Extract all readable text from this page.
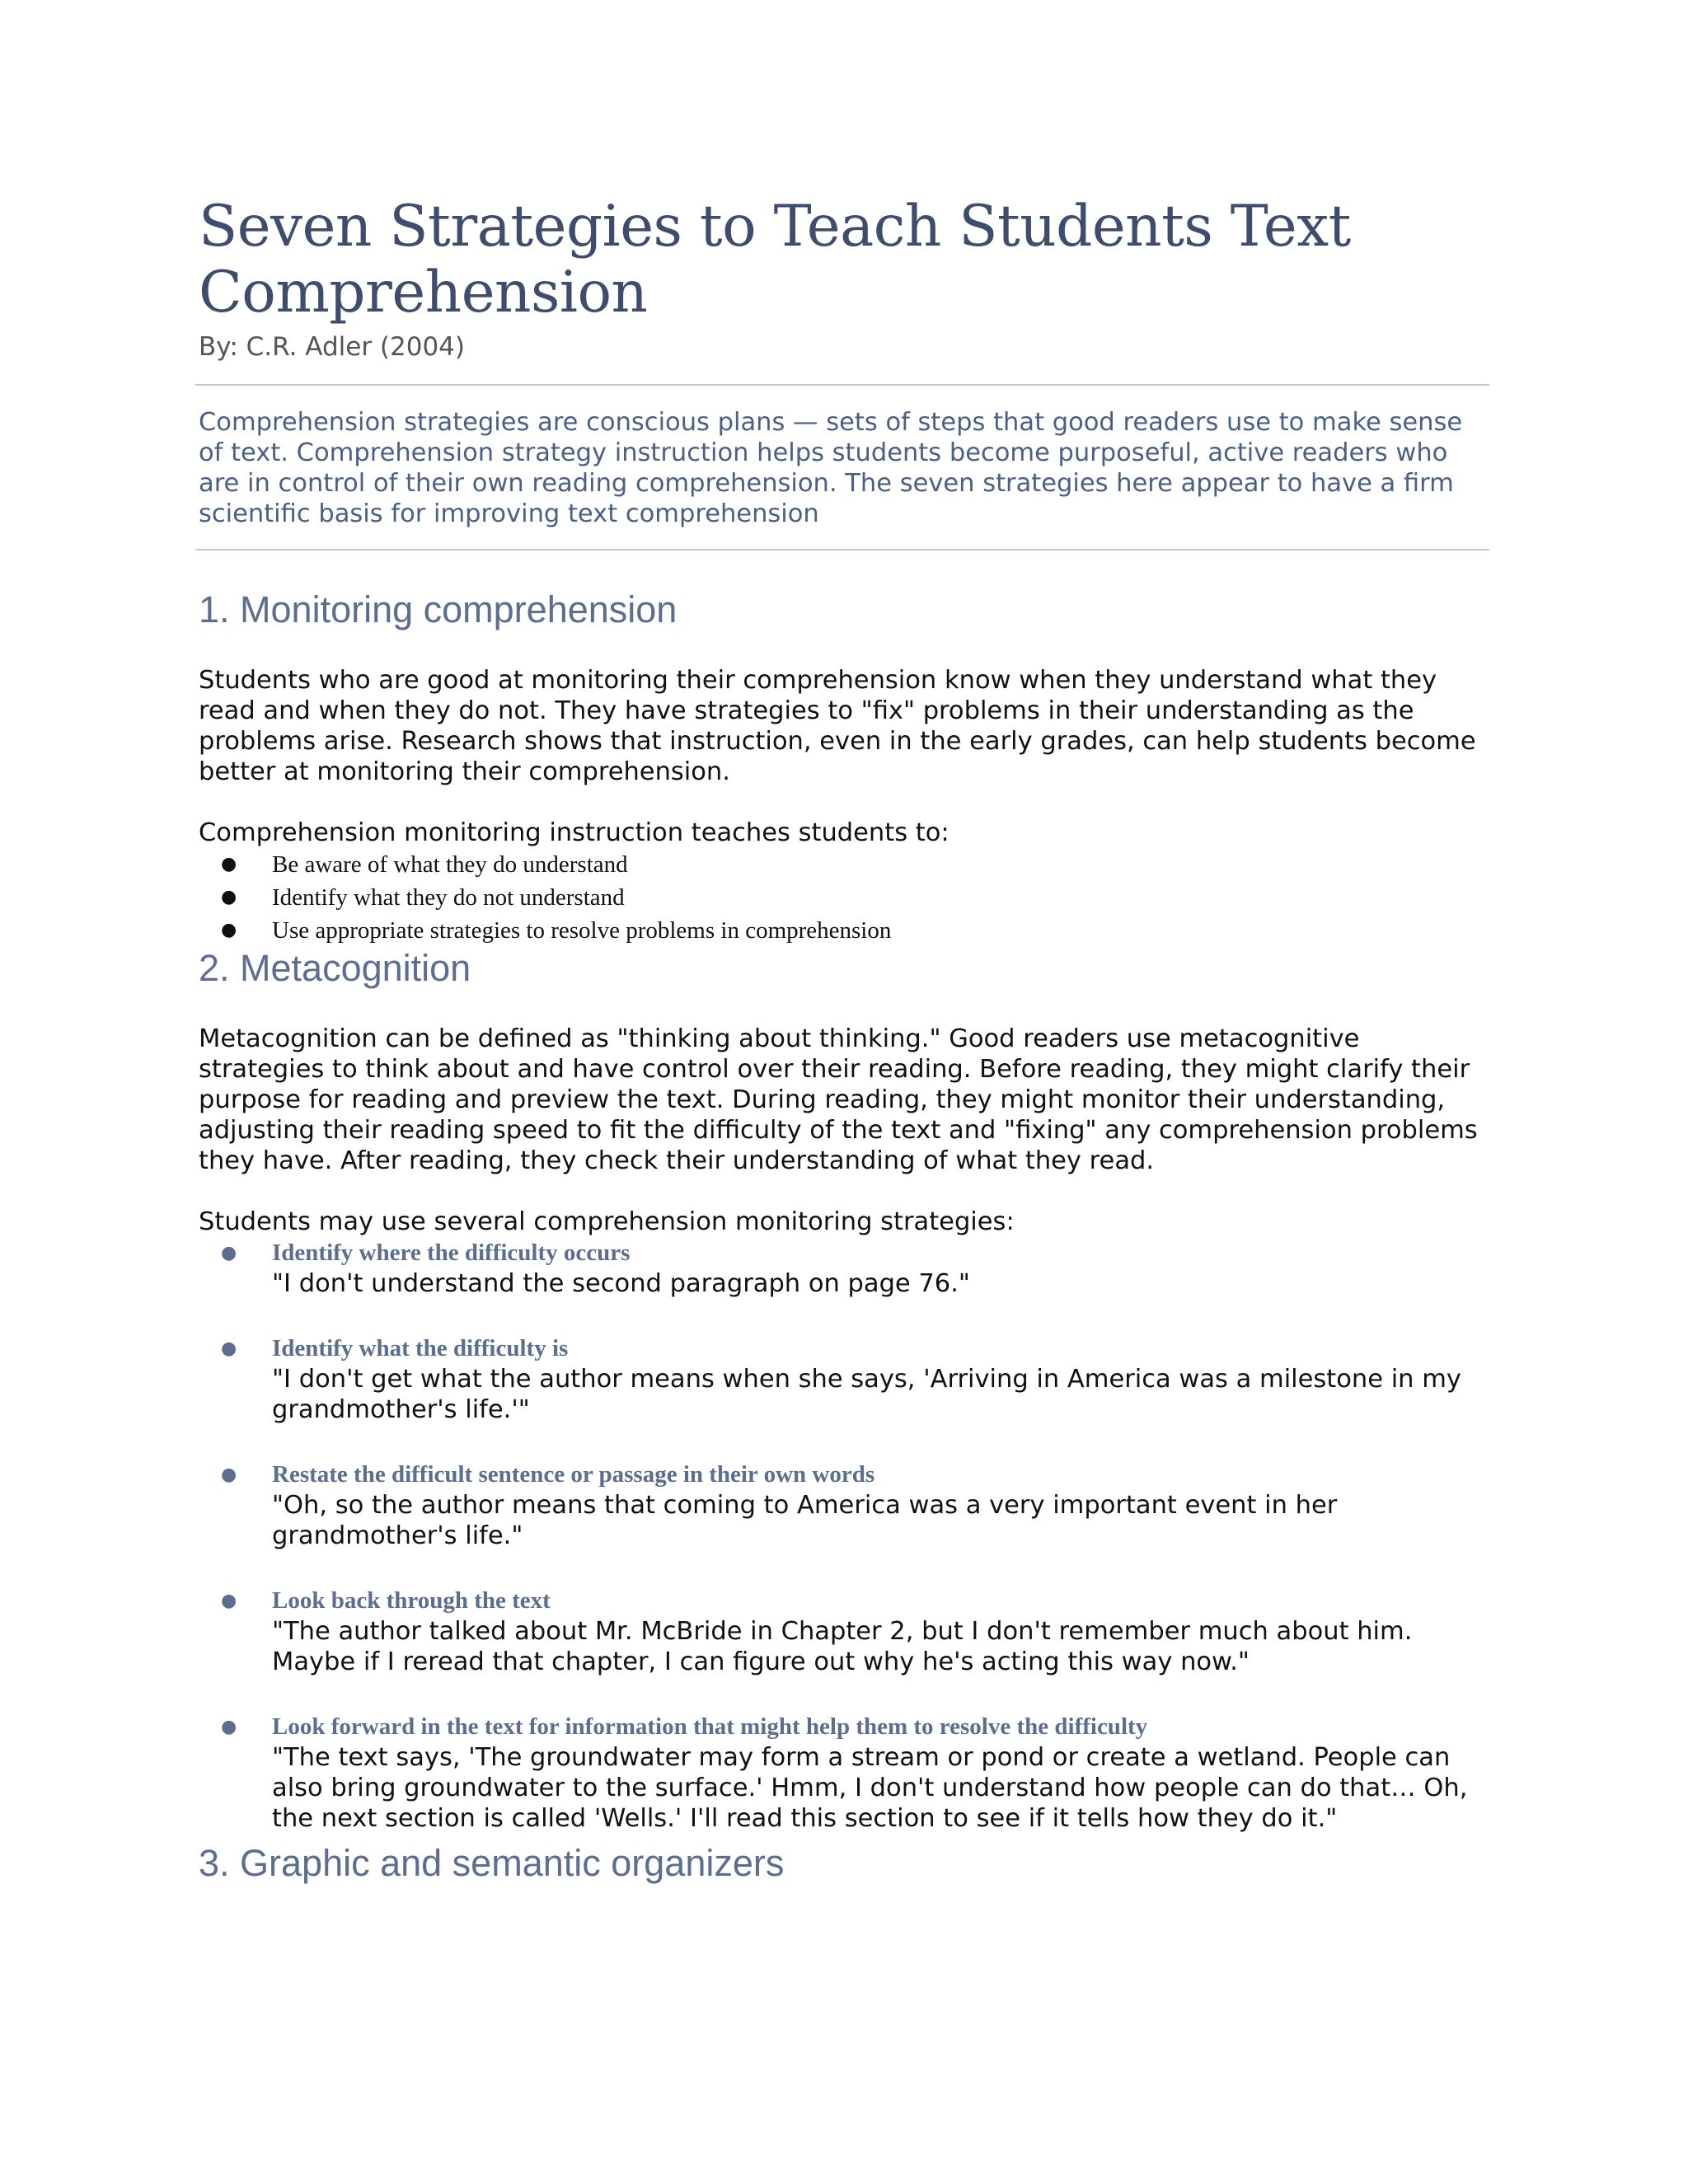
Seven Strategies to Teach Students Text Comprehension
By: C.R. Adler (2004)

Comprehension strategies are conscious plans — sets of steps that good readers use to make sense of text. Comprehension strategy instruction helps students become purposeful, active readers who are in control of their own reading comprehension. The seven strategies here appear to have a firm scientific basis for improving text comprehension

1. Monitoring comprehension

Students who are good at monitoring their comprehension know when they understand what they read and when they do not. They have strategies to "fix" problems in their understanding as the problems arise. Research shows that instruction, even in the early grades, can help students become better at monitoring their comprehension.

Comprehension monitoring instruction teaches students to:

● Be aware of what they do understand
● Identify what they do not understand
● Use appropriate strategies to resolve problems in comprehension
2. Metacognition

Metacognition can be defined as "thinking about thinking." Good readers use metacognitive strategies to think about and have control over their reading. Before reading, they might clarify their purpose for reading and preview the text. During reading, they might monitor their understanding, adjusting their reading speed to fit the difficulty of the text and "fixing" any comprehension problems they have. After reading, they check their understanding of what they read.

Students may use several comprehension monitoring strategies:

● Identify where the difficulty occurs
"I don't understand the second paragraph on page 76."
● Identify what the difficulty is
"I don't get what the author means when she says, 'Arriving in America was a milestone in my grandmother's life.'"
● Restate the difficult sentence or passage in their own words
"Oh, so the author means that coming to America was a very important event in her grandmother's life."
● Look back through the text
"The author talked about Mr. McBride in Chapter 2, but I don't remember much about him. Maybe if I reread that chapter, I can figure out why he's acting this way now."
● Look forward in the text for information that might help them to resolve the difficulty
"The text says, 'The groundwater may form a stream or pond or create a wetland. People can also bring groundwater to the surface.' Hmm, I don't understand how people can do that… Oh, the next section is called 'Wells.' I'll read this section to see if it tells how they do it."
3. Graphic and semantic organizers
